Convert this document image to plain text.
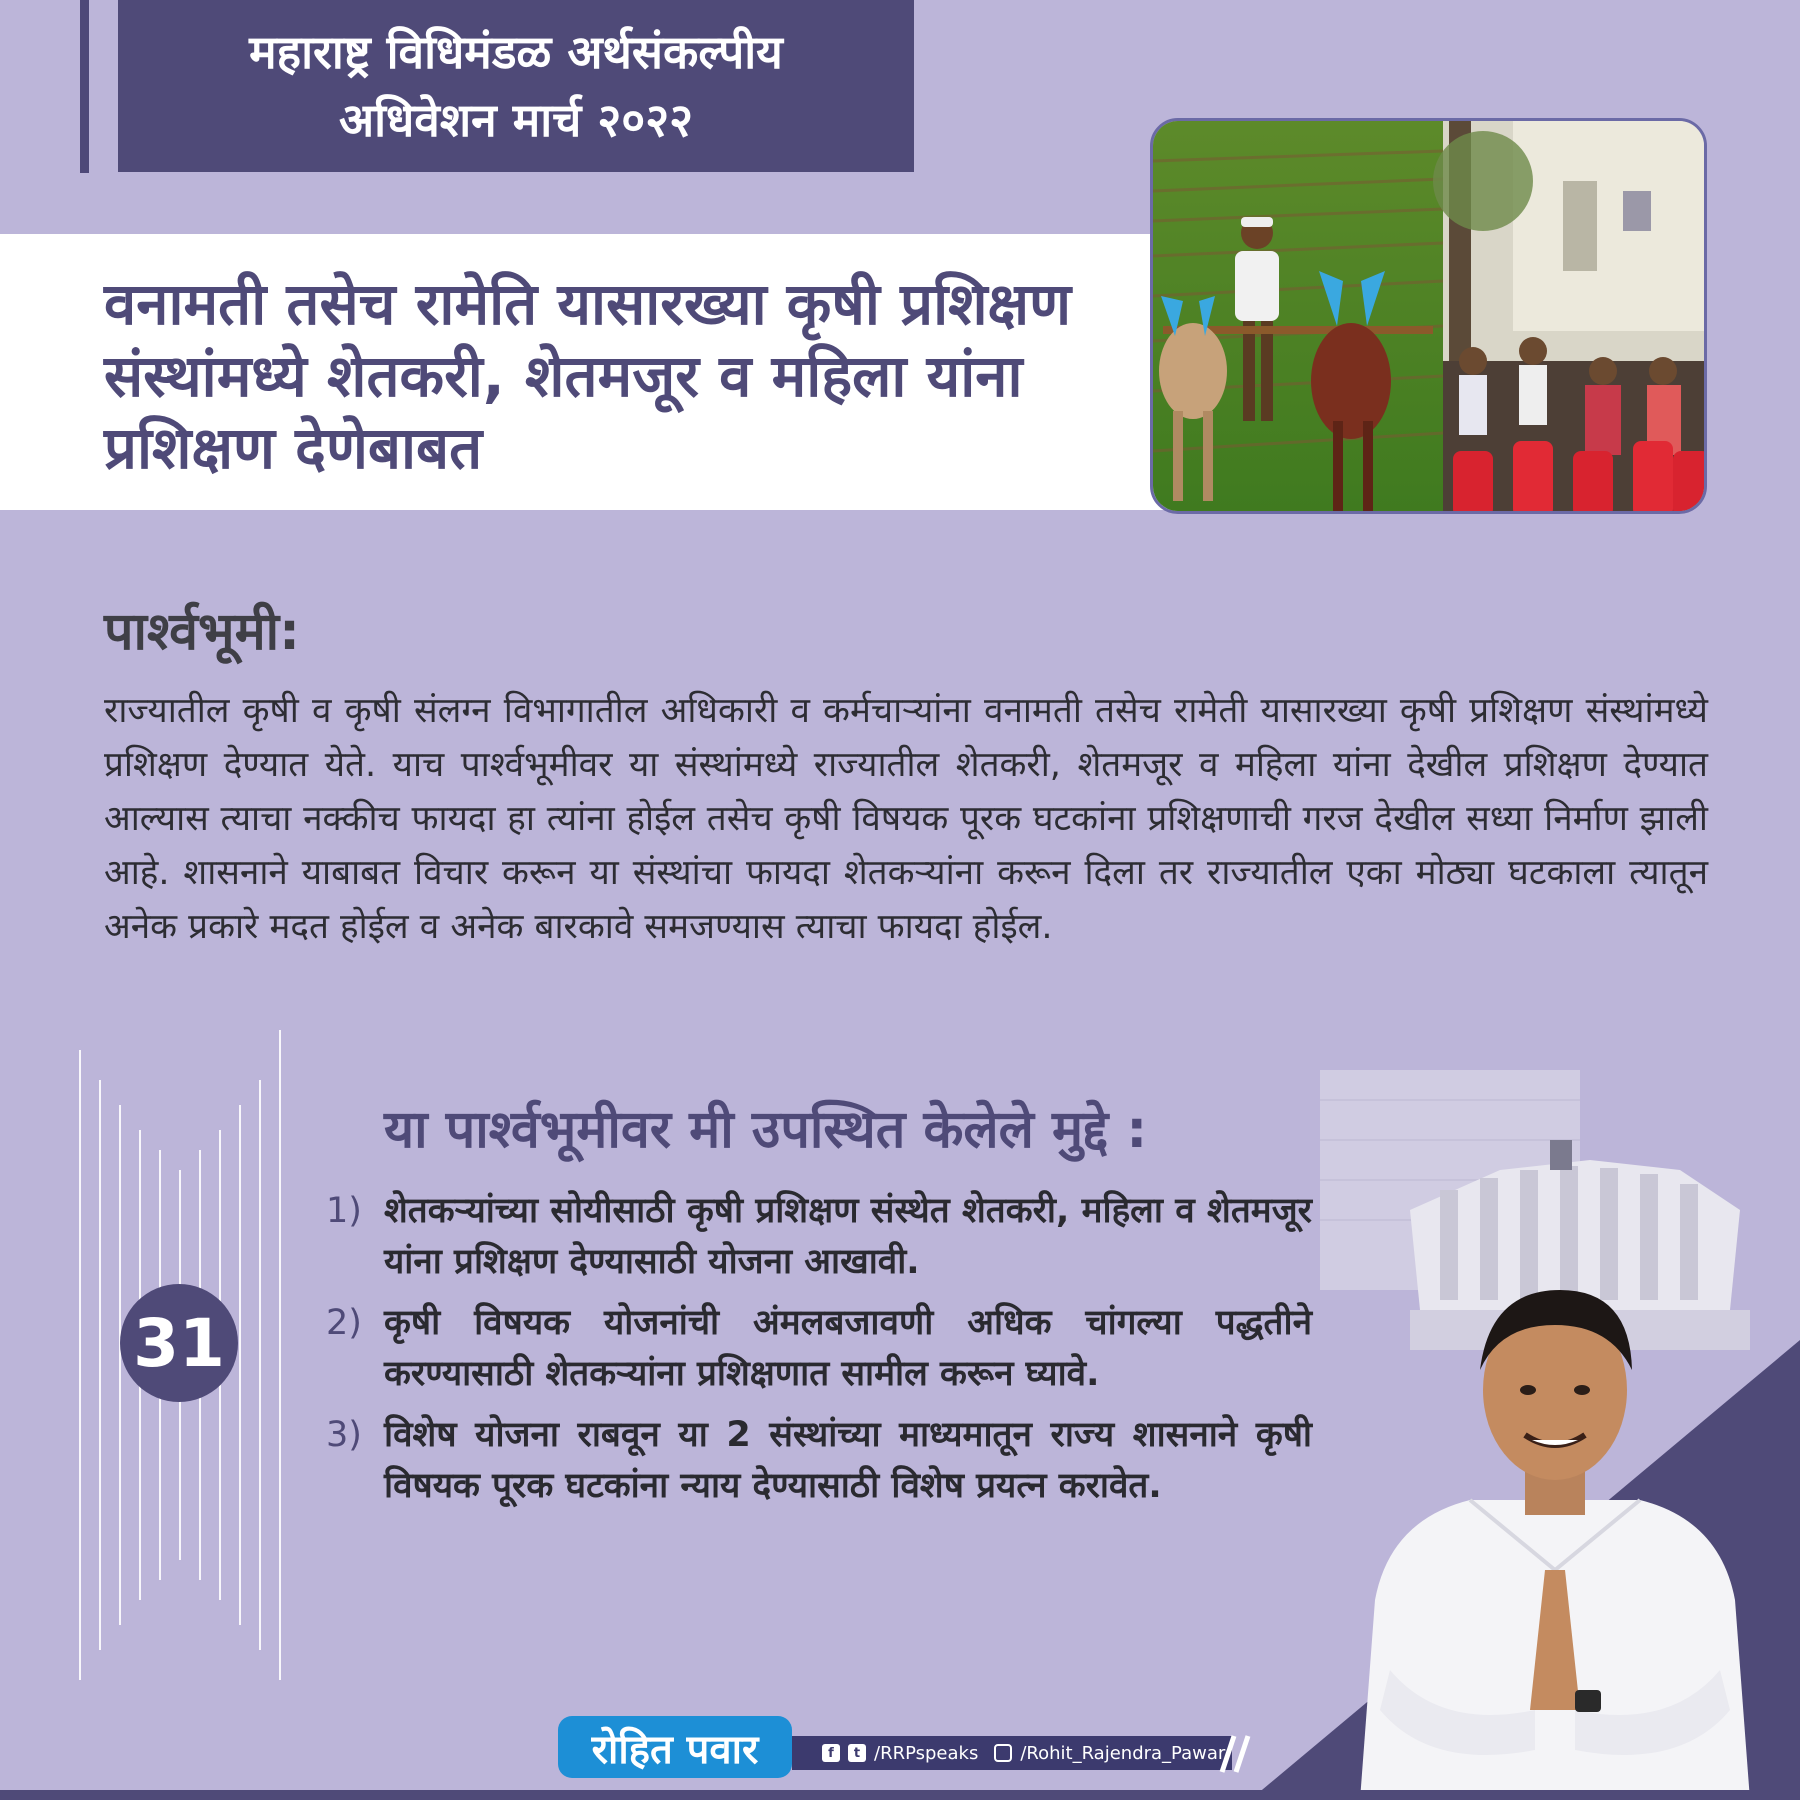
महाराष्ट्र विधिमंडळ अर्थसंकल्पीय
अधिवेशन मार्च २०२२
वनामती तसेच रामेति यासारख्या कृषी प्रशिक्षण संस्थांमध्ये शेतकरी, शेतमजूर व महिला यांना प्रशिक्षण देणेबाबत
पार्श्वभूमी:
राज्यातील कृषी व कृषी संलग्न विभागातील अधिकारी व कर्मचाऱ्यांना वनामती तसेच रामेती यासारख्या कृषी प्रशिक्षण संस्थांमध्ये प्रशिक्षण देण्यात येते. याच पार्श्वभूमीवर या संस्थांमध्ये राज्यातील शेतकरी, शेतमजूर व महिला यांना देखील प्रशिक्षण देण्यात आल्यास त्याचा नक्कीच फायदा हा त्यांना होईल तसेच कृषी विषयक पूरक घटकांना प्रशिक्षणाची गरज देखील सध्या निर्माण झाली आहे. शासनाने याबाबत विचार करून या संस्थांचा फायदा शेतकऱ्यांना करून दिला तर राज्यातील एका मोठ्या घटकाला त्यातून अनेक प्रकारे मदत होईल व अनेक बारकावे समजण्यास त्याचा फायदा होईल.
31
या पार्श्वभूमीवर मी उपस्थित केलेले मुद्दे :
1) शेतकऱ्यांच्या सोयीसाठी कृषी प्रशिक्षण संस्थेत शेतकरी, महिला व शेतमजूर यांना प्रशिक्षण देण्यासाठी योजना आखावी.
2) कृषी विषयक योजनांची अंमलबजावणी अधिक चांगल्या पद्धतीने करण्यासाठी शेतकऱ्यांना प्रशिक्षणात सामील करून घ्यावे.
3) विशेष योजना राबवून या 2 संस्थांच्या माध्यमातून राज्य शासनाने कृषी विषयक पूरक घटकांना न्याय देण्यासाठी विशेष प्रयत्न करावेत.
रोहित पवार	f	t /RRPspeaks /Rohit_Rajendra_Pawar
